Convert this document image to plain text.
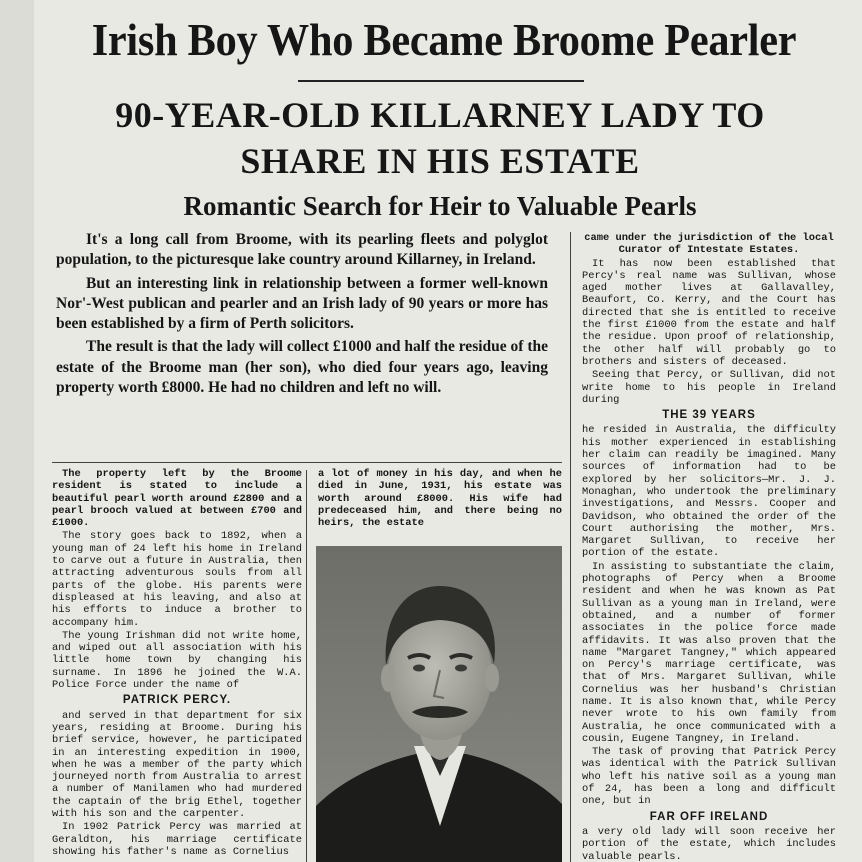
Irish Boy Who Became Broome Pearler
90-YEAR-OLD KILLARNEY LADY TO
SHARE IN HIS ESTATE
Romantic Search for Heir to Valuable Pearls

It's a long call from Broome, with its pearling fleets and polyglot population, to the picturesque lake country around Killarney, in Ireland.

But an interesting link in relationship between a former well-known Nor'-West publican and pearler and an Irish lady of 90 years or more has been established by a firm of Perth solicitors.

The result is that the lady will collect £1000 and half the residue of the estate of the Broome man (her son), who died four years ago, leaving property worth £8000. He had no children and left no will.

The property left by the Broome resident is stated to include a beautiful pearl worth around £2800 and a pearl brooch valued at between £700 and £1000.

The story goes back to 1892, when a young man of 24 left his home in Ireland to carve out a future in Australia, then attracting adventurous souls from all parts of the globe. His parents were displeased at his leaving, and also at his efforts to induce a brother to accompany him.

The young Irishman did not write home, and wiped out all association with his little home town by changing his surname. In 1896 he joined the W.A. Police Force under the name of

PATRICK PERCY.

and served in that department for six years, residing at Broome. During his brief service, however, he participated in an interesting expedition in 1900, when he was a member of the party which journeyed north from Australia to arrest a number of Manilamen who had murdered the captain of the brig Ethel, together with his son and the carpenter.

In 1902 Patrick Percy was married at Geraldton, his marriage certificate showing his father's name as Cornelius

a lot of money in his day, and when he died in June, 1931, his estate was worth around £8000. His wife had predeceased him, and there being no heirs, the estate

came under the jurisdiction of the local Curator of Intestate Estates.

It has now been established that Percy's real name was Sullivan, whose aged mother lives at Gallavalley, Beaufort, Co. Kerry, and the Court has directed that she is entitled to receive the first £1000 from the estate and half the residue. Upon proof of relationship, the other half will probably go to brothers and sisters of deceased.

Seeing that Percy, or Sullivan, did not write home to his people in Ireland during

THE 39 YEARS

he resided in Australia, the difficulty his mother experienced in establishing her claim can readily be imagined. Many sources of information had to be explored by her solicitors—Mr. J. J. Monaghan, who undertook the preliminary investigations, and Messrs. Cooper and Davidson, who obtained the order of the Court authorising the mother, Mrs. Margaret Sullivan, to receive her portion of the estate.

In assisting to substantiate the claim, photographs of Percy when a Broome resident and when he was known as Pat Sullivan as a young man in Ireland, were obtained, and a number of former associates in the police force made affidavits. It was also proven that the name "Margaret Tangney," which appeared on Percy's marriage certificate, was that of Mrs. Margaret Sullivan, while Cornelius was her husband's Christian name. It is also known that, while Percy never wrote to his own family from Australia, he once communicated with a cousin, Eugene Tangney, in Ireland.

The task of proving that Patrick Percy was identical with the Patrick Sullivan who left his native soil as a young man of 24, has been a long and difficult one, but in

FAR OFF IRELAND

a very old lady will soon receive her portion of the estate, which includes valuable pearls.
